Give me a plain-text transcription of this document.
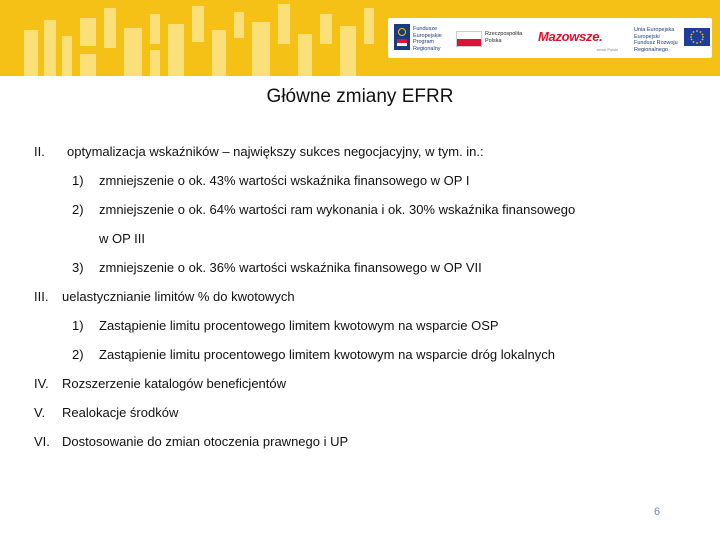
Fundusze Europejskie Program Regionalny
Rzeczpospolita Polska	Mazowsze.
serce Polski
Unia Europejska Europejski Fundusz Rozwoju Regionalnego
Główne zmiany EFRR
II. optymalizacja wskaźników – największy sukces negocjacyjny, w tym. in.:
1) zmniejszenie o ok. 43% wartości wskaźnika finansowego w OP I
2) zmniejszenie o ok. 64% wartości ram wykonania i ok. 30% wskaźnika finansowego
w OP III
3) zmniejszenie o ok. 36% wartości wskaźnika finansowego w OP VII
III. uelastycznianie limitów % do kwotowych
1) Zastąpienie limitu procentowego limitem kwotowym na wsparcie OSP
2) Zastąpienie limitu procentowego limitem kwotowym na wsparcie dróg lokalnych
IV. Rozszerzenie katalogów beneficjentów
V. Realokacje środków
VI. Dostosowanie do zmian otoczenia prawnego i UP
6
